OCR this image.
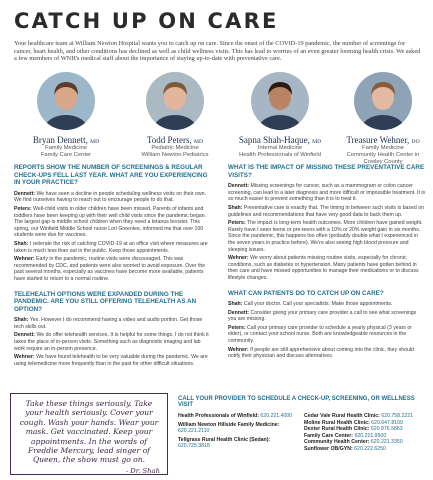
CATCH UP ON CARE
Your healthcare team at William Newton Hospital wants you to catch up on care. Since the onset of the COVID-19 pandemic, the number of screenings for cancer, heart health, and other conditions has declined as well as child wellness visits. This has lead to worries of an even greater looming health crisis. We asked a few members of WNH's medical staff about the importance of staying up-to-date with preventative care.
Bryan Dennett, MD
Family Medicine
Family Care Center
Todd Peters, MD
Pediatric Medicine
William Newton Pediatrics
Sapna Shah-Haque, MD
Internal Medicine
Health Professionals of Winfield
Treasure Wehner, DO
Family Medicine
Community Health Center in
Cowley County
REPORTS SHOW THE NUMBER OF SCREENINGS & REGULAR CHECK-UPS FELL LAST YEAR. WHAT ARE YOU EXPERIENCING IN YOUR PRACTICE?
Dennett: We have seen a decline in people scheduling wellness visits on their own. We find ourselves having to reach out to encourage people to do that.
Peters: Well-child visits in older children have been missed. Parents of infants and toddlers have been keeping up with their well child visits since the pandemic began. The largest gap is middle school children when they need a tetanus booster. This spring, our Winfield Middle School nurse Lori Greenlee, informed me that over 100 students were due for vaccines.
Shah: I reiterate the risk of catching COVID-19 at an office visit where measures are taken is much less than out in the public. Keep those appointments.
Wehner: Early in the pandemic, routine visits were discouraged. This was recommended by CDC, and patients were also worried to avoid exposure. Over the past several months, especially as vaccines have become more available, patients have started to return to a normal routine.
TELEHEALTH OPTIONS WERE EXPANDED DURING THE PANDEMIC. ARE YOU STILL OFFERING TELEHEALTH AS AN OPTION?
Shah: Yes. However I do recommend having a video and audio portion. Get those tech skills out.
Dennett: We do offer telehealth services. It is helpful for some things. I do not think it takes the place of in-person visits. Something such as diagnostic imaging and lab work require an in-person presence.
Wehner: We have found telehealth to be very valuable during the pandemic. We are using telemedicine more frequently than in the past for other difficult situations.
WHAT IS THE IMPACT OF MISSING THESE PREVENTATIVE CARE VISITS?
Dennett: Missing screenings for cancer, such as a mammogram or colon cancer screening, can lead to a later diagnosis and more difficult or impossible treatment. It is so much easier to prevent something than it is to treat it.
Shah: Preventative care is exactly that. The timing in between such visits is based on guidelines and recommendations that have very good data to back them up.
Peters: The impact is long-term health outcomes. More children have gained weight. Rarely have I seen teens or pre-teens with a 10% or 20% weight gain in six months. Since the pandemic, this happens too often (probably double what I experienced in the seven years in practice before). We're also seeing high blood pressure and sleeping issues.
Wehner: We worry about patients missing routine visits, especially for chronic conditions, such as diabetes or hypertension. Many patients have gotten behind in their care and have missed opportunities to manage their medications or to discuss lifestyle changes.
WHAT CAN PATIENTS DO TO CATCH UP ON CARE?
Shah: Call your doctor. Call your specialists. Make those appointments.
Dennett: Consider giving your primary care provider a call to see what screenings you are missing.
Peters: Call your primary care provider to schedule a yearly physical (3 years or older), or contact your school nurse. Both are knowledgeable resources in the community.
Wehner: If people are still apprehensive about coming into the clinic, they should notify their physician and discuss alternatives.
Take these things seriously. Take your health seriously. Cover your cough. Wash your hands. Wear your mask. Get vaccinated. Keep your appointments. In the words of Freddie Mercury, lead singer of Queen, the show must go on.
- Dr. Shah
CALL YOUR PROVIDER TO SCHEDULE A CHECK-UP, SCREENING, OR WELLNESS VISIT
Health Professionals of Winfield: 620.221.4000
William Newton Hillside Family Medicine: 620.221.2110
Tellgrass Rural Health Clinic (Sedan): 620.725.3818
Cedar Vale Rural Health Clinic: 620.758.2221
Moline Rural Health Clinic: 620.647.8109
Dexter Rural Health Clinic: 620.876.5863
Family Care Center: 620.221.9500
Community Health Center: 620.221.3350
Sunflower OB/GYN: 620.222.6250
